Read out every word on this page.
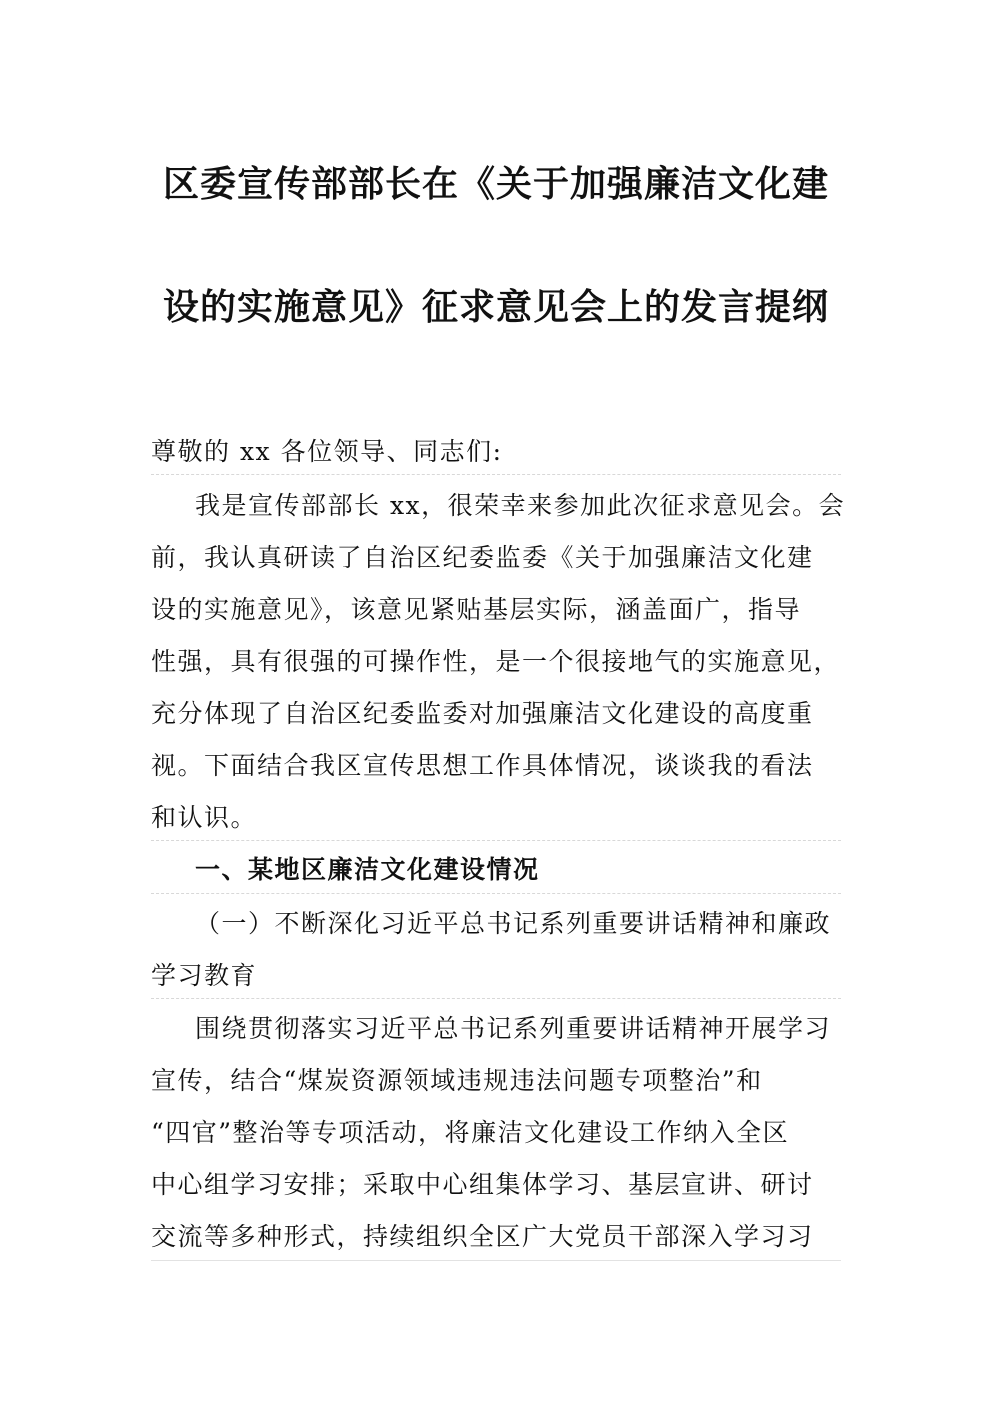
区委宣传部部长在《关于加强廉洁文化建
设的实施意见》征求意见会上的发言提纲
尊敬的 xx 各位领导、同志们:
我是宣传部部长 xx，很荣幸来参加此次征求意见会。会
前，我认真研读了自治区纪委监委《关于加强廉洁文化建
设的实施意见》，该意见紧贴基层实际，涵盖面广，指导
性强，具有很强的可操作性，是一个很接地气的实施意见，
充分体现了自治区纪委监委对加强廉洁文化建设的高度重
视。下面结合我区宣传思想工作具体情况，谈谈我的看法
和认识。
一、某地区廉洁文化建设情况
（一）不断深化习近平总书记系列重要讲话精神和廉政
学习教育
围绕贯彻落实习近平总书记系列重要讲话精神开展学习
宣传，结合“煤炭资源领域违规违法问题专项整治”和
“四官”整治等专项活动，将廉洁文化建设工作纳入全区
中心组学习安排；采取中心组集体学习、基层宣讲、研讨
交流等多种形式，持续组织全区广大党员干部深入学习习
